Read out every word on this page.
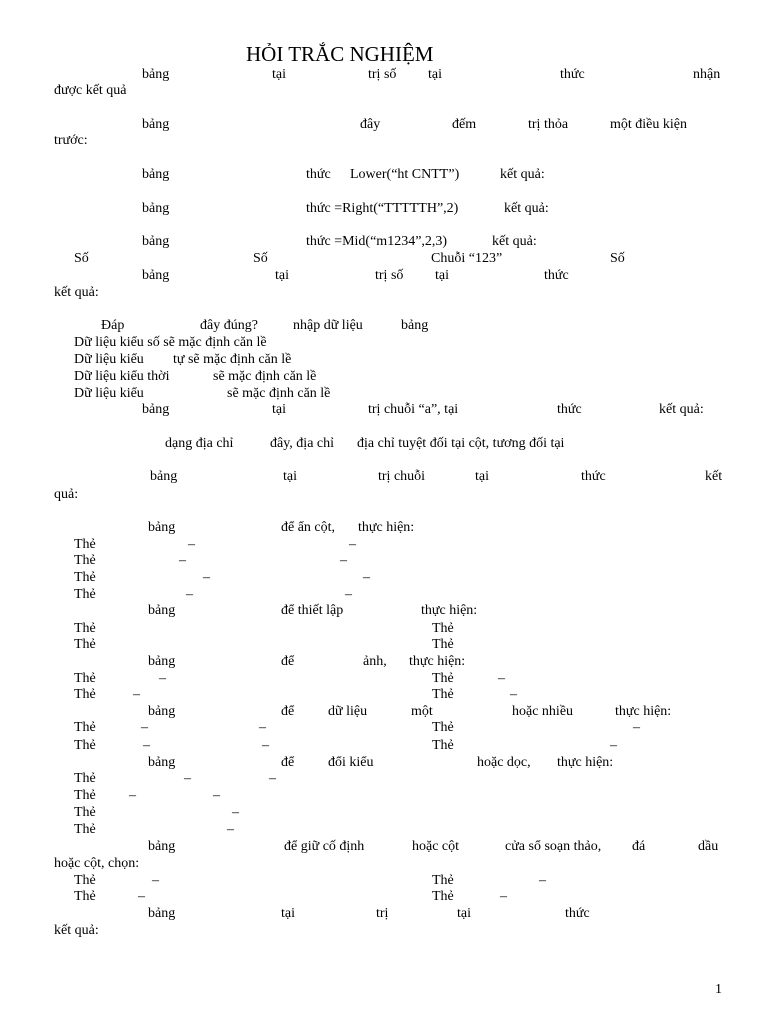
HỎI TRẮC NGHIỆM
bảng	tại	trị số tại	thức	nhận
được kết quả
bảng	đây	đếm	trị thỏa	một điều kiện
trước:
bảng	thức Lower(“ht CNTT”)	kết quả:
bảng	thức =Right(“TTTTTH”,2)	kết quả:
bảng	thức =Mid(“m1234”,2,3)	kết quả:
Số	Số	Chuỗi “123”	Số
bảng	tại	trị số tại	thức
kết quả:
Đáp	đây đúng?	nhập dữ liệu	bảng
Dữ liệu kiểu số sẽ mặc định căn lề
Dữ liệu kiểu tự sẽ mặc định căn lề
Dữ liệu kiểu thời	sẽ mặc định căn lề
Dữ liệu kiểu	sẽ mặc định căn lề
bảng	tại	trị chuỗi “a”, tại	thức	kết quả:
dạng địa chỉ	đây, địa chỉ địa chỉ tuyệt đối tại cột, tương đối tại
bảng	tại	trị chuỗi	tại	thức	kết
quả:
bảng	để ẩn cột, thực hiện:
Thẻ	–	–
Thẻ	–	–
Thẻ	–	–
Thẻ	–	–
bảng	để thiết lập	thực hiện:
Thẻ	Thẻ
Thẻ	Thẻ
bảng	để	ảnh, thực hiện:
Thẻ	–	Thẻ	–
Thẻ	–	Thẻ	–
bảng	để dữ liệu	một	hoặc nhiều	thực hiện:
Thẻ	–	–	Thẻ	–
Thẻ	–	–	Thẻ	–
bảng	để đổi kiểu	hoặc dọc, thực hiện:
Thẻ	–	–
Thẻ –	–
Thẻ	–
Thẻ	–
bảng	để giữ cố định	hoặc cột	cửa sổ soạn thảo, đá	dầu
hoặc cột, chọn:
Thẻ	–	Thẻ	–
Thẻ	–	Thẻ	–
bảng	tại	trị	tại	thức
kết quả:
1
